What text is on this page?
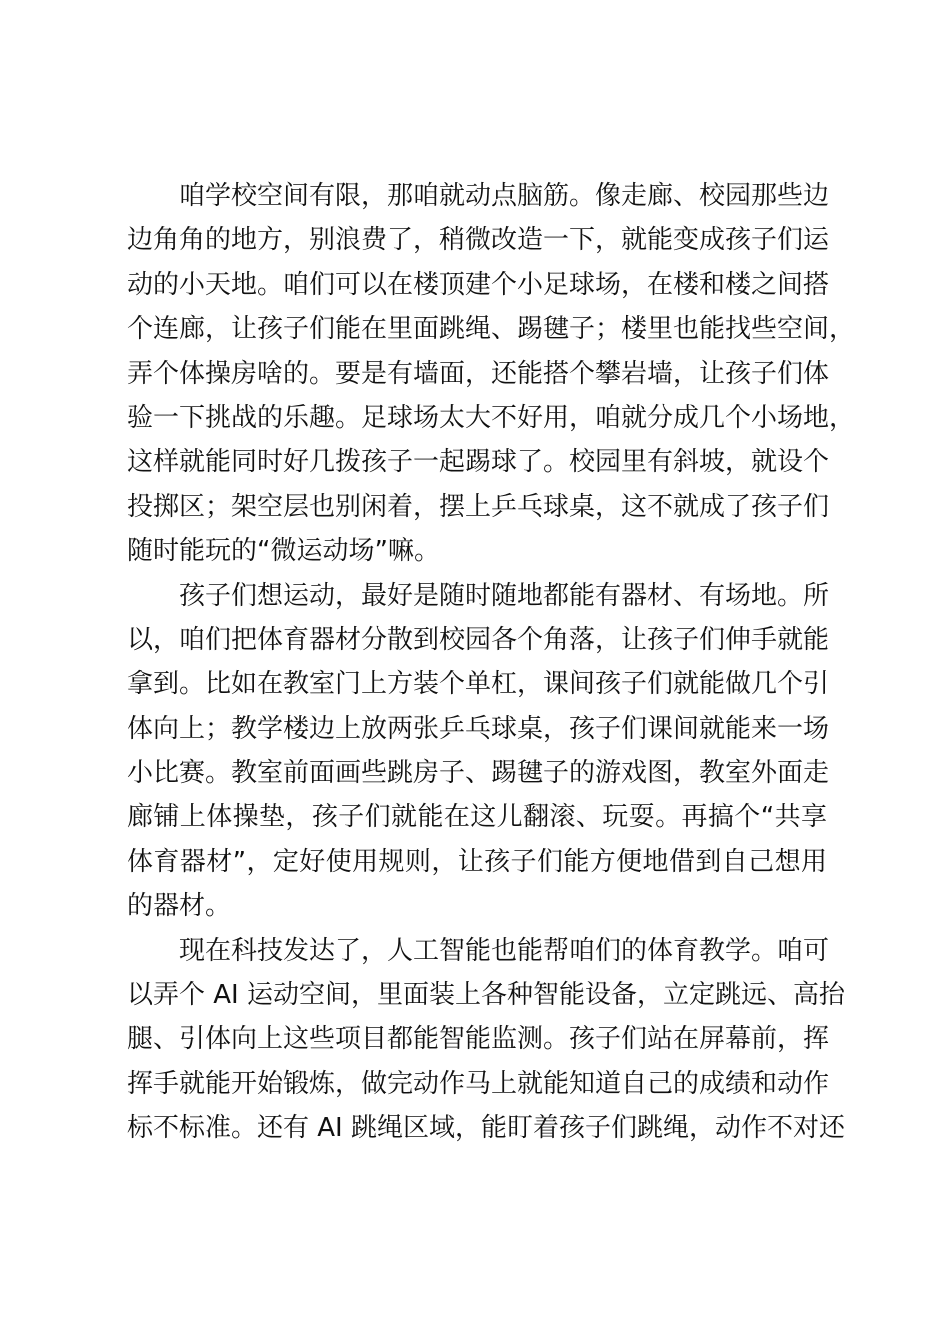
咱学校空间有限，那咱就动点脑筋。像走廊、校园那些边
边角角的地方，别浪费了，稍微改造一下，就能变成孩子们运
动的小天地。咱们可以在楼顶建个小足球场，在楼和楼之间搭
个连廊，让孩子们能在里面跳绳、踢毽子；楼里也能找些空间，
弄个体操房啥的。要是有墙面，还能搭个攀岩墙，让孩子们体
验一下挑战的乐趣。足球场太大不好用，咱就分成几个小场地，
这样就能同时好几拨孩子一起踢球了。校园里有斜坡，就设个
投掷区；架空层也别闲着，摆上乒乓球桌，这不就成了孩子们
随时能玩的“微运动场”嘛。
孩子们想运动，最好是随时随地都能有器材、有场地。所
以，咱们把体育器材分散到校园各个角落，让孩子们伸手就能
拿到。比如在教室门上方装个单杠，课间孩子们就能做几个引
体向上；教学楼边上放两张乒乓球桌，孩子们课间就能来一场
小比赛。教室前面画些跳房子、踢毽子的游戏图，教室外面走
廊铺上体操垫，孩子们就能在这儿翻滚、玩耍。再搞个“共享
体育器材”，定好使用规则，让孩子们能方便地借到自己想用
的器材。
现在科技发达了，人工智能也能帮咱们的体育教学。咱可
以弄个 AI 运动空间，里面装上各种智能设备，立定跳远、高抬
腿、引体向上这些项目都能智能监测。孩子们站在屏幕前，挥
挥手就能开始锻炼，做完动作马上就能知道自己的成绩和动作
标不标准。还有 AI 跳绳区域，能盯着孩子们跳绳，动作不对还
